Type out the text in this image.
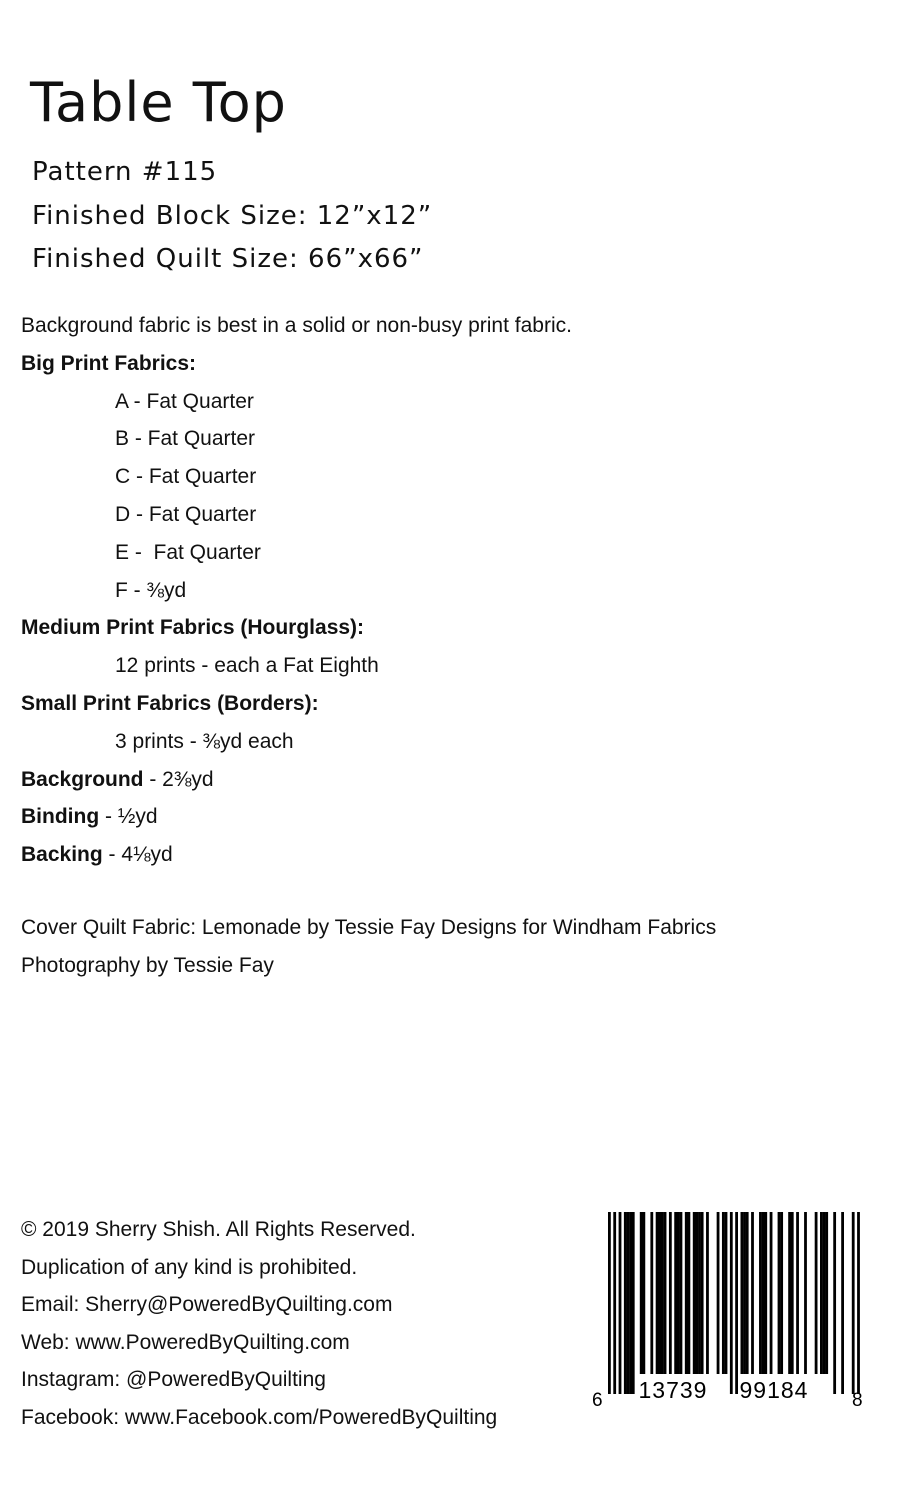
Table Top
Pattern #115
Finished Block Size: 12”x12”
Finished Quilt Size: 66”x66”
Background fabric is best in a solid or non-busy print fabric.
Big Print Fabrics:
A - Fat Quarter
B - Fat Quarter
C - Fat Quarter
D - Fat Quarter
E -  Fat Quarter
F - ⅜yd
Medium Print Fabrics (Hourglass):
12 prints - each a Fat Eighth
Small Print Fabrics (Borders):
3 prints - ⅜yd each
Background - 2⅜yd
Binding - ½yd
Backing - 4⅛yd
Cover Quilt Fabric: Lemonade by Tessie Fay Designs for Windham Fabrics
Photography by Tessie Fay
© 2019 Sherry Shish. All Rights Reserved.
Duplication of any kind is prohibited.
Email: Sherry@PoweredByQuilting.com
Web: www.PoweredByQuilting.com
Instagram: @PoweredByQuilting
Facebook: www.Facebook.com/PoweredByQuilting
6 13739 99184 8
